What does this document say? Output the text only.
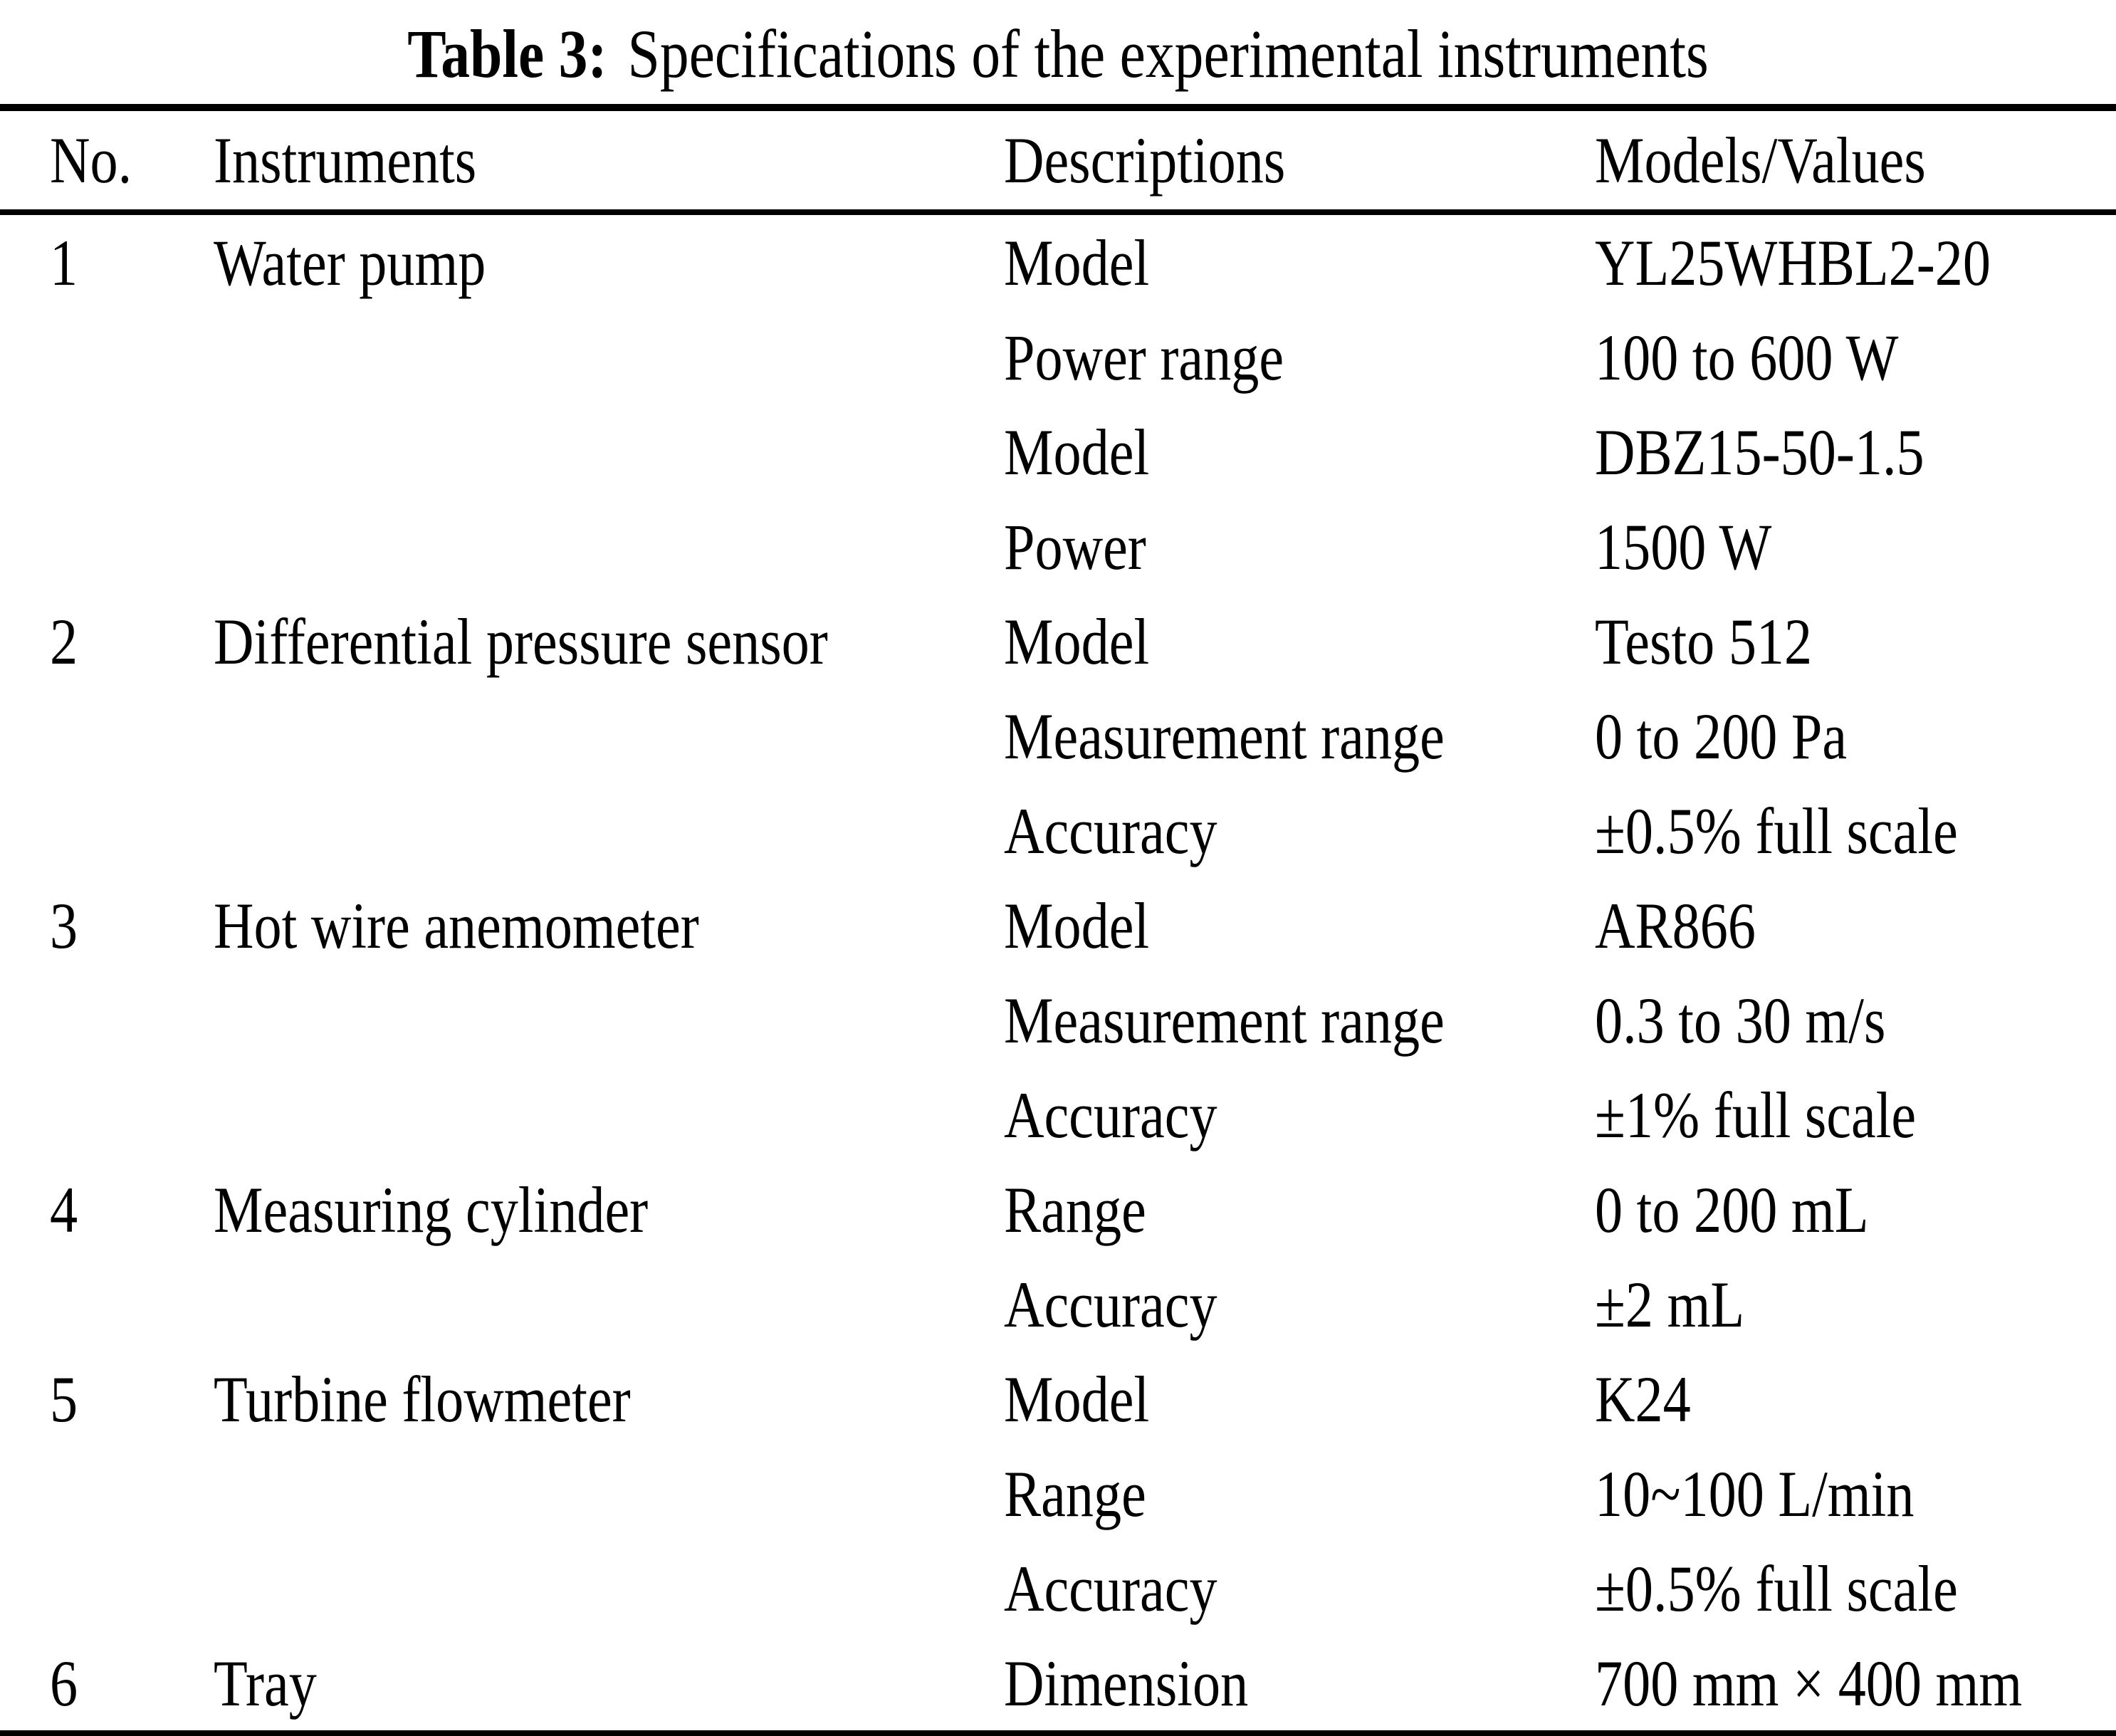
Table 3: Specifications of the experimental instruments
No.	Instruments	Descriptions	Models/Values
1	Water pump	Model	YL25WHBL2-20
		Power range	100 to 600 W
		Model	DBZ15-50-1.5
		Power	1500 W
2	Differential pressure sensor	Model	Testo 512
		Measurement range	0 to 200 Pa
		Accuracy	±0.5% full scale
3	Hot wire anemometer	Model	AR866
		Measurement range	0.3 to 30 m/s
		Accuracy	±1% full scale
4	Measuring cylinder	Range	0 to 200 mL
		Accuracy	±2 mL
5	Turbine flowmeter	Model	K24
		Range	10~100 L/min
		Accuracy	±0.5% full scale
6	Tray	Dimension	700 mm × 400 mm
